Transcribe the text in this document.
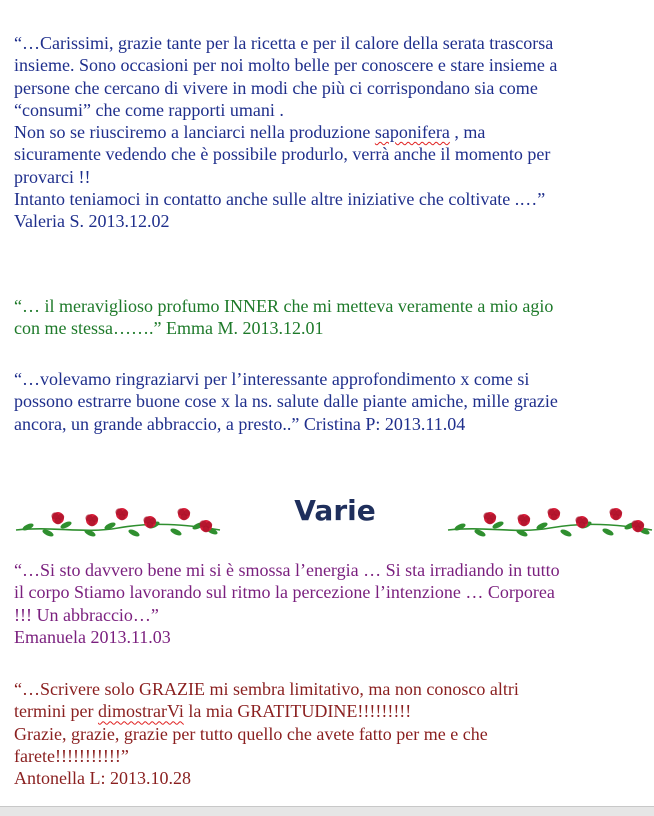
“…Carissimi, grazie tante per la ricetta e per il calore della serata trascorsa
insieme. Sono occasioni per noi molto belle per conoscere e stare insieme a
persone che cercano di vivere in modi che più ci corrispondano sia come
“consumi” che come rapporti umani .
Non so se riusciremo a lanciarci nella produzione saponifera , ma
sicuramente vedendo che è possibile produrlo, verrà anche il momento per
provarci !!
Intanto teniamoci in contatto anche sulle altre iniziative che coltivate .…”
Valeria S. 2013.12.02
“… il meraviglioso profumo INNER che mi metteva veramente a mio agio
con me stessa…….” Emma M. 2013.12.01
“…volevamo ringraziarvi per l’interessante approfondimento x come si
possono estrarre buone cose x la ns. salute dalle piante amiche, mille grazie
ancora, un grande abbraccio, a presto..” Cristina P: 2013.11.04
Varie
“…Si sto davvero bene mi si è smossa l’energia … Si sta irradiando in tutto
il corpo Stiamo lavorando sul ritmo la percezione l’intenzione … Corporea
!!! Un abbraccio…”
Emanuela 2013.11.03
“…Scrivere solo GRAZIE mi sembra limitativo, ma non conosco altri
termini per dimostrarVi la mia GRATITUDINE!!!!!!!!!
Grazie, grazie, grazie per tutto quello che avete fatto per me e che
farete!!!!!!!!!!!”
Antonella L: 2013.10.28
